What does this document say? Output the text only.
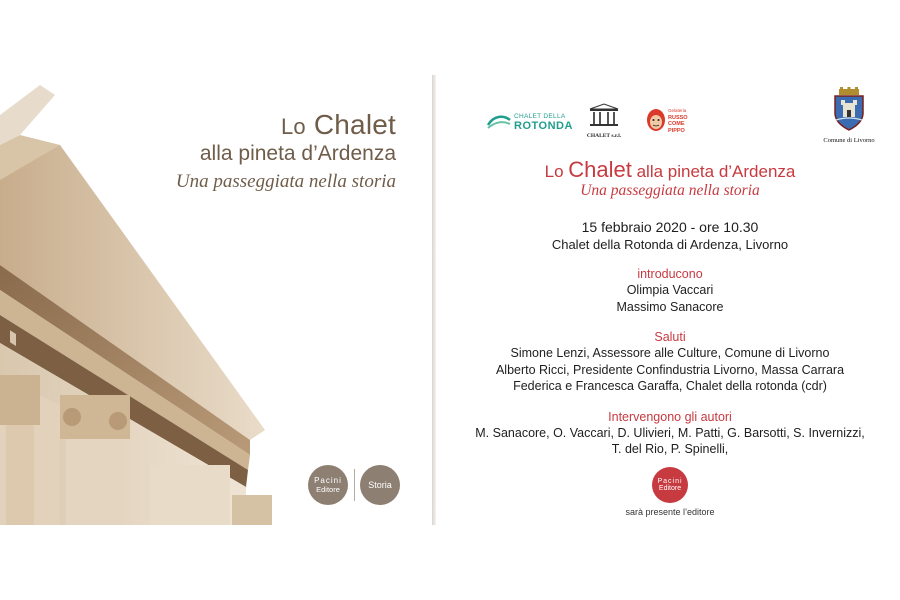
Lo Chalet
alla pineta d’Ardenza
Una passeggiata nella storia
Pacini
Editore	Storia
CHALET DELLA
ROTONDA
CHALET s.r.l.
Gelateria
RUSSO
COME
PIPPO
Comune di Livorno
Lo Chalet alla pineta d’Ardenza
Una passeggiata nella storia
15 febbraio 2020 - ore 10.30
Chalet della Rotonda di Ardenza, Livorno
introducono
Olimpia Vaccari
Massimo Sanacore
Saluti
Simone Lenzi, Assessore alle Culture, Comune di Livorno
Alberto Ricci, Presidente Confindustria Livorno, Massa Carrara
Federica e Francesca Garaffa, Chalet della rotonda (cdr)
Intervengono gli autori
M. Sanacore, O. Vaccari, D. Ulivieri, M. Patti, G. Barsotti, S. Invernizzi,
T. del Rio, P. Spinelli,
Pacini
Editore
sarà presente l’editore
